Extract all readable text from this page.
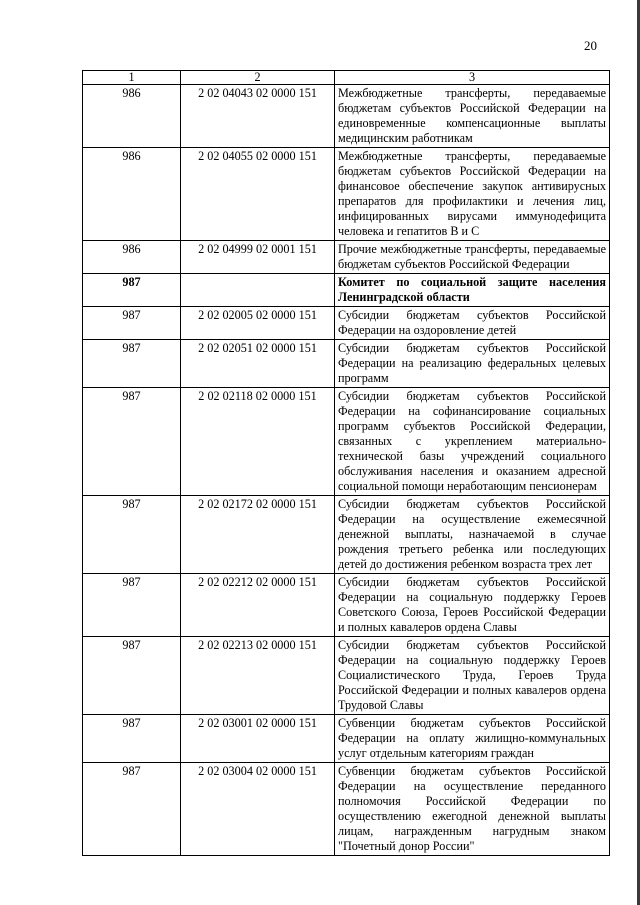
20
1	2	3
986	2 02 04043 02 0000 151	Межбюджетные трансферты, передаваемые бюджетам субъектов Российской Федерации на единовременные компенсационные выплаты медицинским работникам
986	2 02 04055 02 0000 151	Межбюджетные трансферты, передаваемые бюджетам субъектов Российской Федерации на финансовое обеспечение закупок антивирусных препаратов для профилактики и лечения лиц, инфицированных вирусами иммунодефицита человека и гепатитов В и С
986	2 02 04999 02 0001 151	Прочие межбюджетные трансферты, передаваемые бюджетам субъектов Российской Федерации
987		Комитет по социальной защите населения Ленинградской области
987	2 02 02005 02 0000 151	Субсидии бюджетам субъектов Российской Федерации на оздоровление детей
987	2 02 02051 02 0000 151	Субсидии бюджетам субъектов Российской Федерации на реализацию федеральных целевых программ
987	2 02 02118 02 0000 151	Субсидии бюджетам субъектов Российской Федерации на софинансирование социальных программ субъектов Российской Федерации, связанных с укреплением материально-технической базы учреждений социального обслуживания населения и оказанием адресной социальной помощи неработающим пенсионерам
987	2 02 02172 02 0000 151	Субсидии бюджетам субъектов Российской Федерации на осуществление ежемесячной денежной выплаты, назначаемой в случае рождения третьего ребенка или последующих детей до достижения ребенком возраста трех лет
987	2 02 02212 02 0000 151	Субсидии бюджетам субъектов Российской Федерации на социальную поддержку Героев Советского Союза, Героев Российской Федерации и полных кавалеров ордена Славы
987	2 02 02213 02 0000 151	Субсидии бюджетам субъектов Российской Федерации на социальную поддержку Героев Социалистического Труда, Героев Труда Российской Федерации и полных кавалеров ордена Трудовой Славы
987	2 02 03001 02 0000 151	Субвенции бюджетам субъектов Российской Федерации на оплату жилищно-коммунальных услуг отдельным категориям граждан
987	2 02 03004 02 0000 151	Субвенции бюджетам субъектов Российской Федерации на осуществление переданного полномочия Российской Федерации по осуществлению ежегодной денежной выплаты лицам, награжденным нагрудным знаком "Почетный донор России"
